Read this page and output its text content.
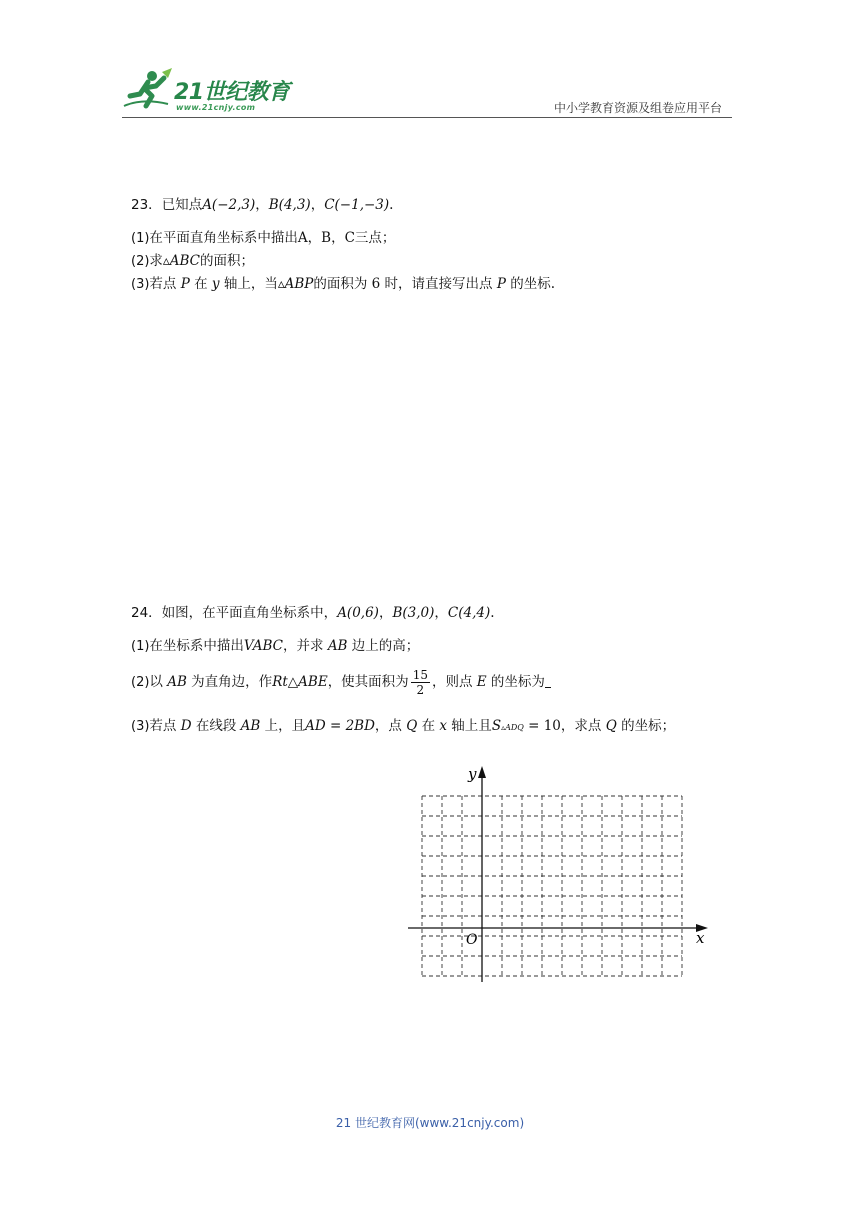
21世纪教育
www.21cnjy.com	中小学教育资源及组卷应用平台
23．已知点A(−2,3)，B(4,3)，C(−1,−3).
(1)在平面直角坐标系中描出A，B，C三点；
(2)求▵ABC的面积；
(3)若点 P 在 y 轴上，当▵ABP的面积为 6 时，请直接写出点 P 的坐标.
24．如图，在平面直角坐标系中，A(0,6)，B(3,0)，C(4,4).
(1)在坐标系中描出VABC，并求 AB 边上的高；
(2)以 AB 为直角边，作Rt△ABE，使其面积为 $\frac{15}{2}$ ，则点 E 的坐标为
(3)若点 D 在线段 AB 上，且AD = 2BD，点 Q 在 x 轴上且S▵ADQ = 10，求点 Q 的坐标；
x
y
O
21 世纪教育网(www.21cnjy.com)
